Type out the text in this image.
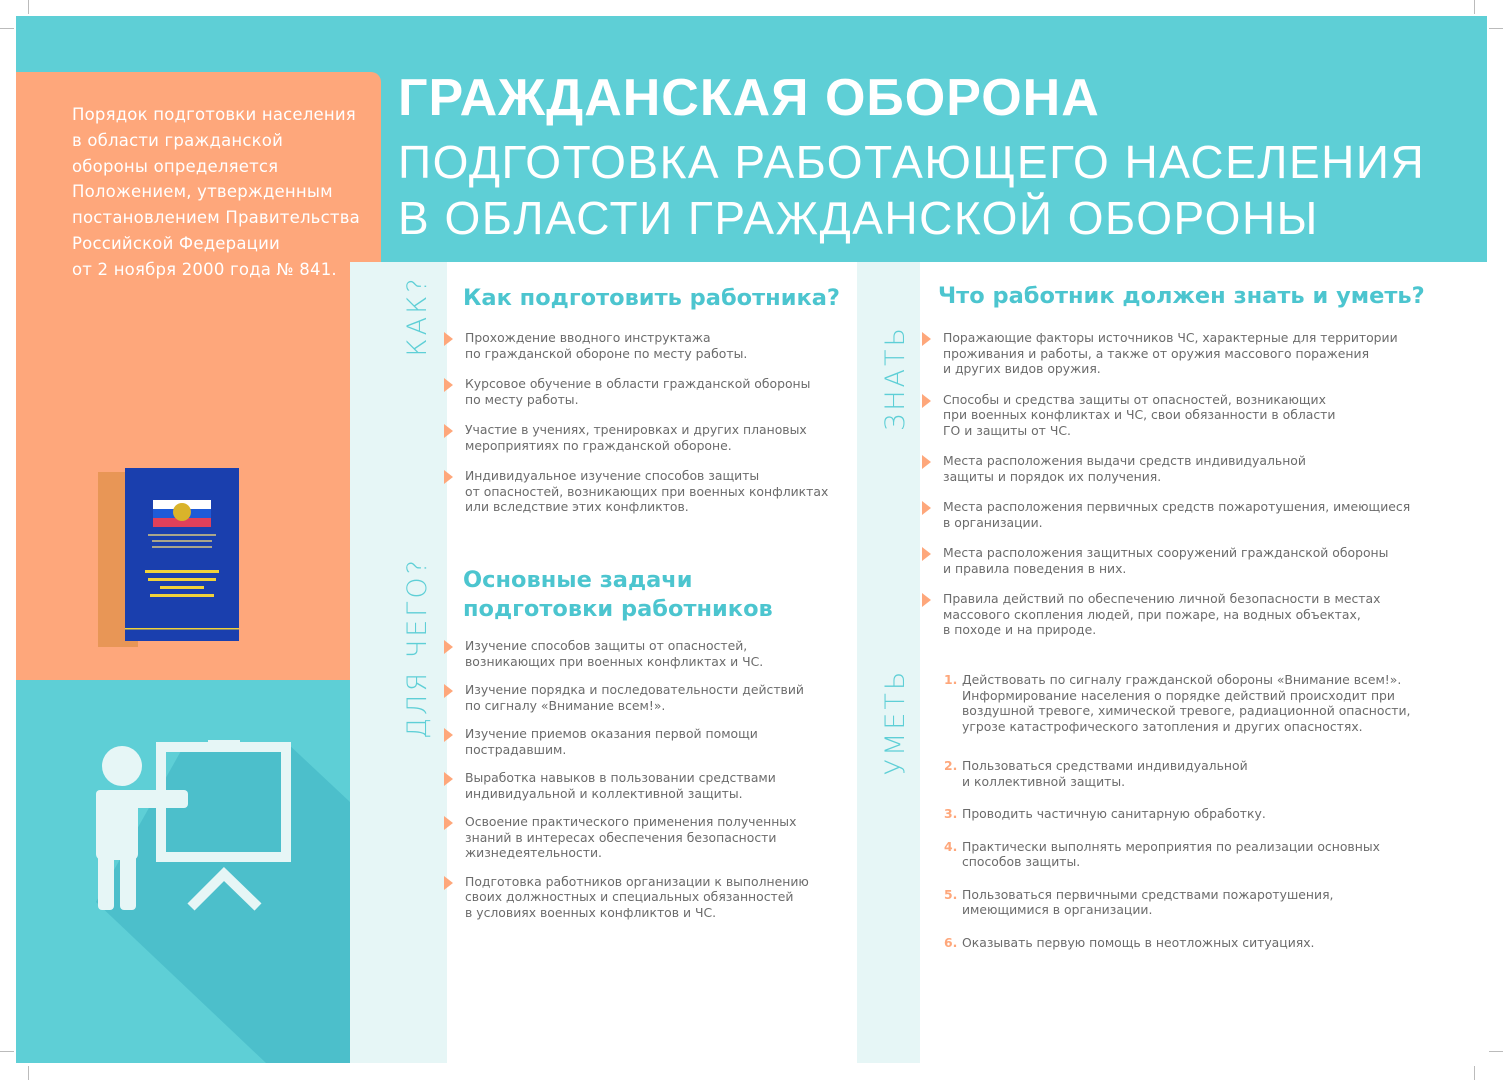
Порядок подготовки населения
в области гражданской
обороны определяется
Положением, утвержденным
постановлением Правительства
Российской Федерации
от 2 ноября 2000 года № 841.
ГРАЖДАНСКАЯ ОБОРОНА
ПОДГОТОВКА РАБОТАЮЩЕГО НАСЕЛЕНИЯ
В ОБЛАСТИ ГРАЖДАНСКОЙ ОБОРОНЫ
КАК?
ДЛЯ ЧЕГО?
ЗНАТЬ
УМЕТЬ
Как подготовить работника?
Прохождение вводного инструктажа
по гражданской обороне по месту работы.
Курсовое обучение в области гражданской обороны
по месту работы.
Участие в учениях, тренировках и других плановых
мероприятиях по гражданской обороне.
Индивидуальное изучение способов защиты
от опасностей, возникающих при военных конфликтах
или вследствие этих конфликтов.
Основные задачи
подготовки работников
Изучение способов защиты от опасностей,
возникающих при военных конфликтах и ЧС.
Изучение порядка и последовательности действий
по сигналу «Внимание всем!».
Изучение приемов оказания первой помощи
пострадавшим.
Выработка навыков в пользовании средствами
индивидуальной и коллективной защиты.
Освоение практического применения полученных
знаний в интересах обеспечения безопасности
жизнедеятельности.
Подготовка работников организации к выполнению
своих должностных и специальных обязанностей
в условиях военных конфликтов и ЧС.
Что работник должен знать и уметь?
Поражающие факторы источников ЧС, характерные для территории
проживания и работы, а также от оружия массового поражения
и других видов оружия.
Способы и средства защиты от опасностей, возникающих
при военных конфликтах и ЧС, свои обязанности в области
ГО и защиты от ЧС.
Места расположения выдачи средств индивидуальной
защиты и порядок их получения.
Места расположения первичных средств пожаротушения, имеющиеся
в организации.
Места расположения защитных сооружений гражданской обороны
и правила поведения в них.
Правила действий по обеспечению личной безопасности в местах
массового скопления людей, при пожаре, на водных объектах,
в походе и на природе.
1. Действовать по сигналу гражданской обороны «Внимание всем!».
Информирование населения о порядке действий происходит при
воздушной тревоге, химической тревоге, радиационной опасности,
угрозе катастрофического затопления и других опасностях.
2. Пользоваться средствами индивидуальной
и коллективной защиты.
3. Проводить частичную санитарную обработку.
4. Практически выполнять мероприятия по реализации основных
способов защиты.
5. Пользоваться первичными средствами пожаротушения,
имеющимися в организации.
6. Оказывать первую помощь в неотложных ситуациях.
